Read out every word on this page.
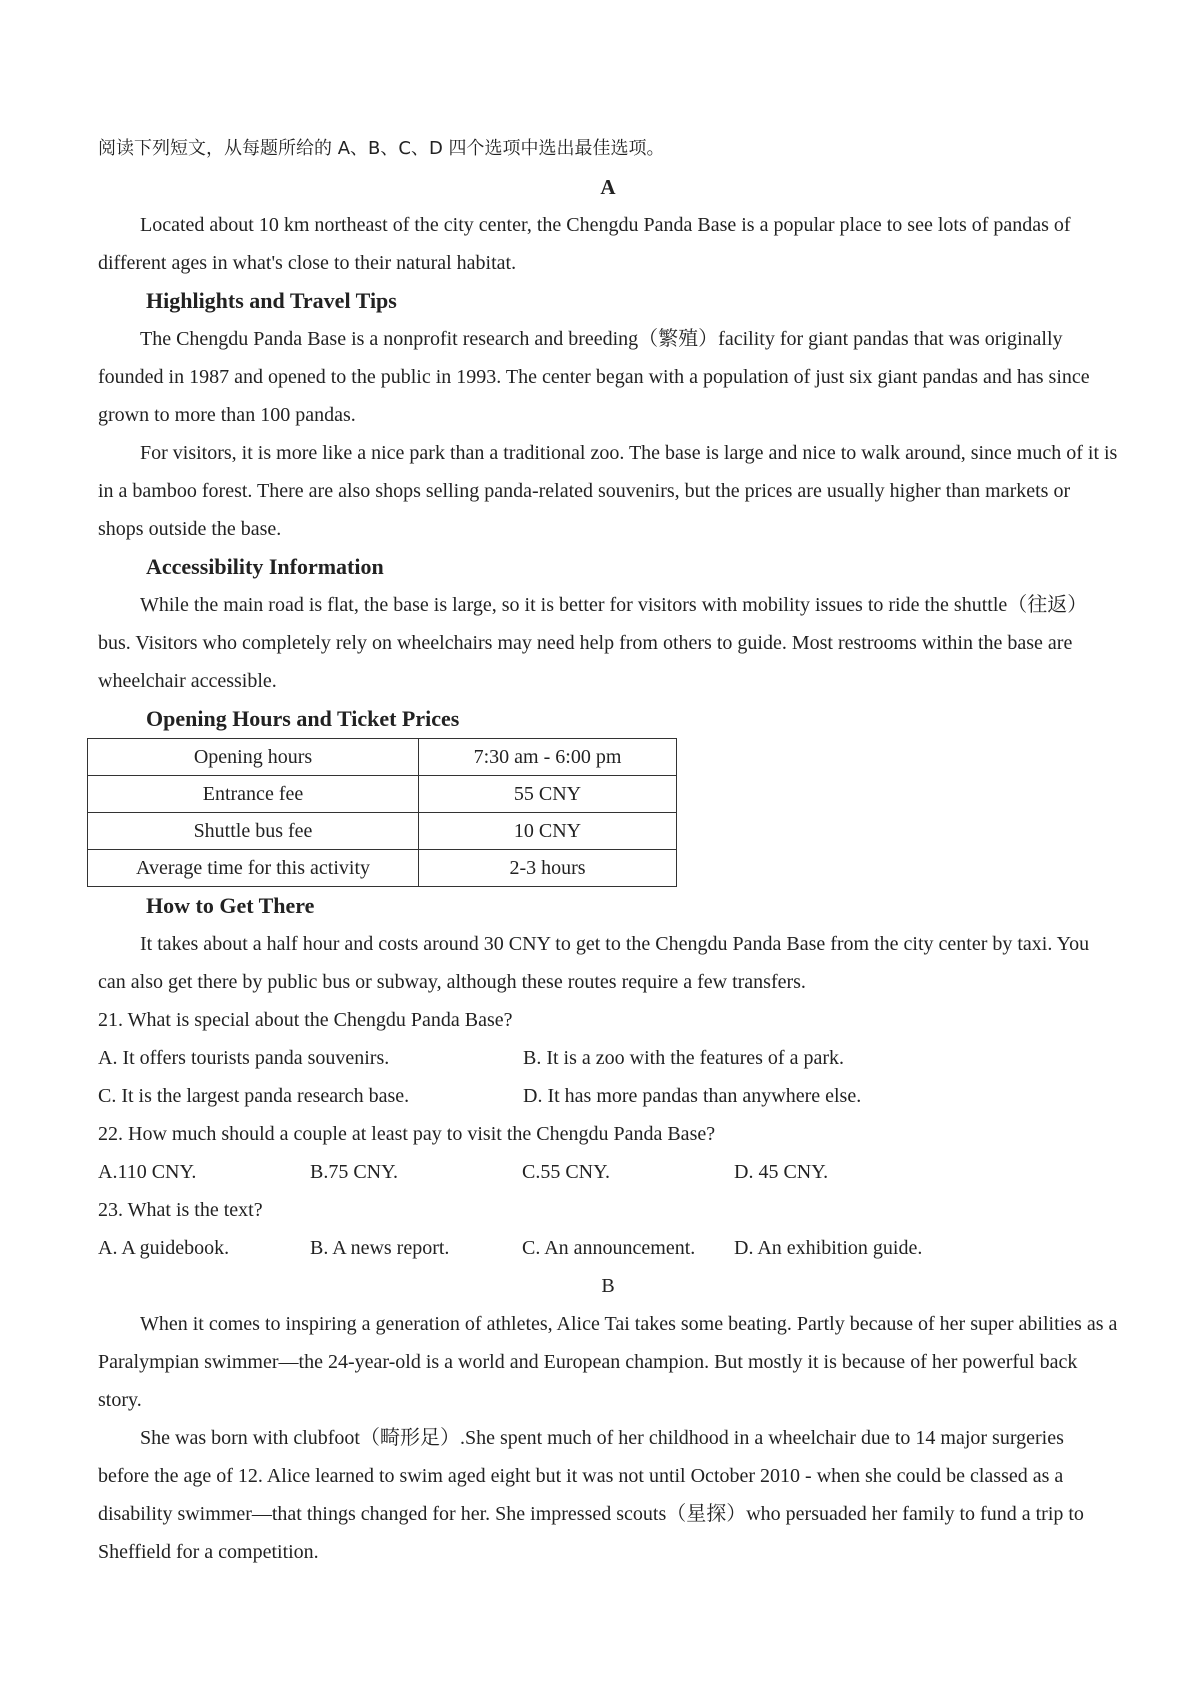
阅读下列短文，从每题所给的 A、B、C、D 四个选项中选出最佳选项。

A

Located about 10 km northeast of the city center, the Chengdu Panda Base is a popular place to see lots of pandas of different ages in what's close to their natural habitat.

Highlights and Travel Tips

The Chengdu Panda Base is a nonprofit research and breeding（繁殖）facility for giant pandas that was originally founded in 1987 and opened to the public in 1993. The center began with a population of just six giant pandas and has since grown to more than 100 pandas.

For visitors, it is more like a nice park than a traditional zoo. The base is large and nice to walk around, since much of it is in a bamboo forest. There are also shops selling panda-related souvenirs, but the prices are usually higher than markets or shops outside the base.

Accessibility Information

While the main road is flat, the base is large, so it is better for visitors with mobility issues to ride the shuttle（往返）bus. Visitors who completely rely on wheelchairs may need help from others to guide. Most restrooms within the base are wheelchair accessible.

Opening Hours and Ticket Prices

Opening hours	7:30 am - 6:00 pm
Entrance fee	55 CNY
Shuttle bus fee	10 CNY
Average time for this activity	2-3 hours

How to Get There

It takes about a half hour and costs around 30 CNY to get to the Chengdu Panda Base from the city center by taxi. You can also get there by public bus or subway, although these routes require a few transfers.

21. What is special about the Chengdu Panda Base?

A. It offers tourists panda souvenirs.	B. It is a zoo with the features of a park.
C. It is the largest panda research base.	D. It has more pandas than anywhere else.

22. How much should a couple at least pay to visit the Chengdu Panda Base?

A.110 CNY.	B.75 CNY.	C.55 CNY.	D. 45 CNY.

23. What is the text?

A. A guidebook.	B. A news report.	C. An announcement.	D. An exhibition guide.

B

When it comes to inspiring a generation of athletes, Alice Tai takes some beating. Partly because of her super abilities as a Paralympian swimmer—the 24-year-old is a world and European champion. But mostly it is because of her powerful back story.

She was born with clubfoot（畸形足）.She spent much of her childhood in a wheelchair due to 14 major surgeries before the age of 12. Alice learned to swim aged eight but it was not until October 2010 - when she could be classed as a disability swimmer—that things changed for her. She impressed scouts（星探）who persuaded her family to fund a trip to Sheffield for a competition.
